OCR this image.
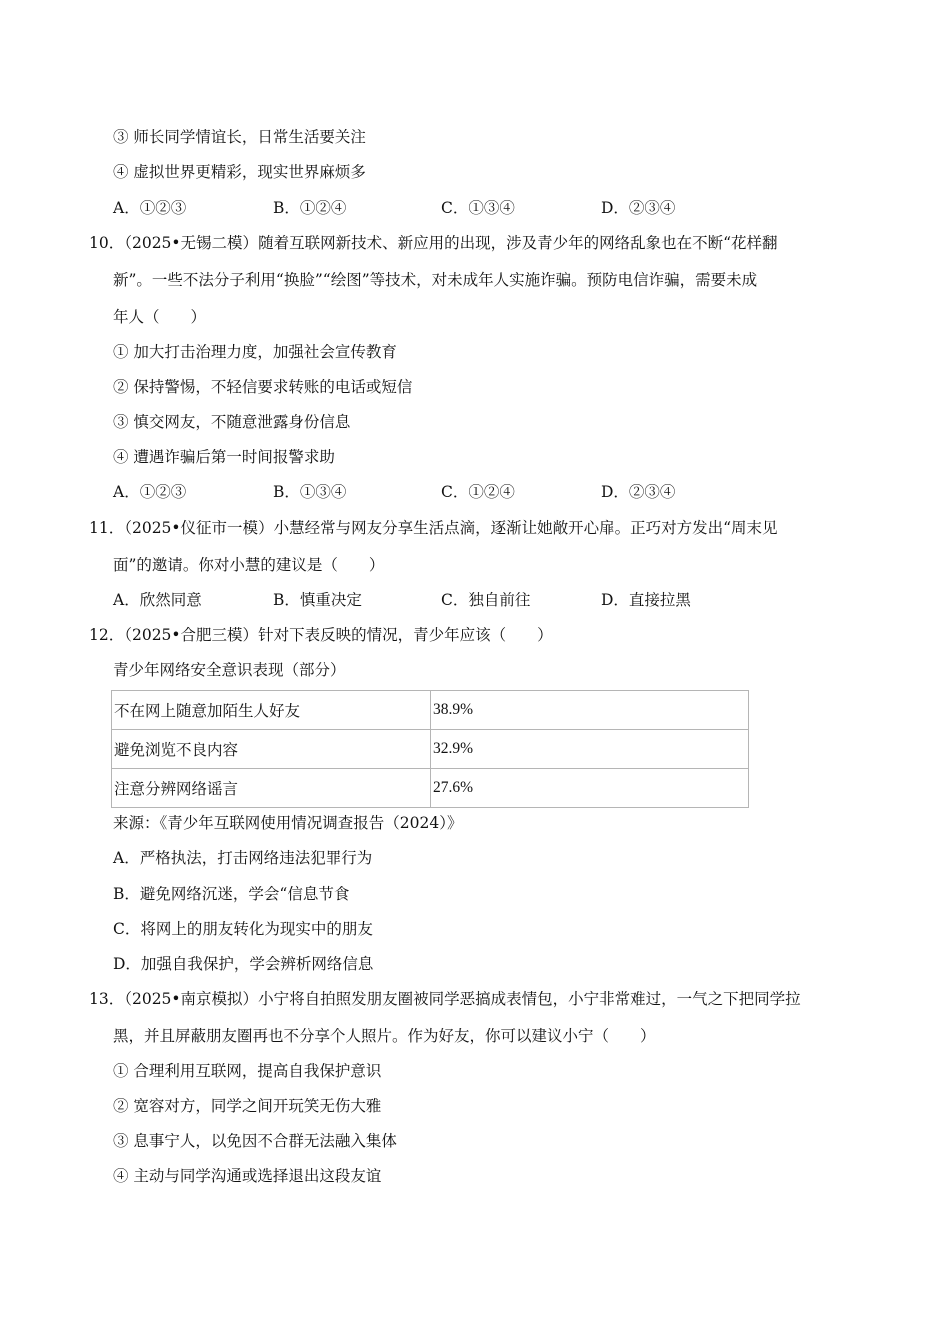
③ 师长同学情谊长，日常生活要关注
④ 虚拟世界更精彩，现实世界麻烦多
A．①②③	B．①②④	C．①③④	D．②③④
10．（2025•无锡二模）随着互联网新技术、新应用的出现，涉及青少年的网络乱象也在不断“花样翻
新”。一些不法分子利用“换脸”“绘图”等技术，对未成年人实施诈骗。预防电信诈骗，需要未成
年人（　　）
① 加大打击治理力度，加强社会宣传教育
② 保持警惕，不轻信要求转账的电话或短信
③ 慎交网友，不随意泄露身份信息
④ 遭遇诈骗后第一时间报警求助
A．①②③	B．①③④	C．①②④	D．②③④
11．（2025•仪征市一模）小慧经常与网友分享生活点滴，逐渐让她敞开心扉。正巧对方发出“周末见
面”的邀请。你对小慧的建议是（　　）
A．欣然同意	B．慎重决定	C．独自前往	D．直接拉黑
12．（2025•合肥三模）针对下表反映的情况，青少年应该（　　）
青少年网络安全意识表现（部分）
不在网上随意加陌生人好友	38.9%
避免浏览不良内容	32.9%
注意分辨网络谣言	27.6%
来源：《青少年互联网使用情况调查报告（2024）》
A．严格执法，打击网络违法犯罪行为
B．避免网络沉迷，学会“信息节食
C．将网上的朋友转化为现实中的朋友
D．加强自我保护，学会辨析网络信息
13．（2025•南京模拟）小宁将自拍照发朋友圈被同学恶搞成表情包，小宁非常难过，一气之下把同学拉
黑，并且屏蔽朋友圈再也不分享个人照片。作为好友，你可以建议小宁（　　）
① 合理利用互联网，提高自我保护意识
② 宽容对方，同学之间开玩笑无伤大雅
③ 息事宁人，以免因不合群无法融入集体
④ 主动与同学沟通或选择退出这段友谊
